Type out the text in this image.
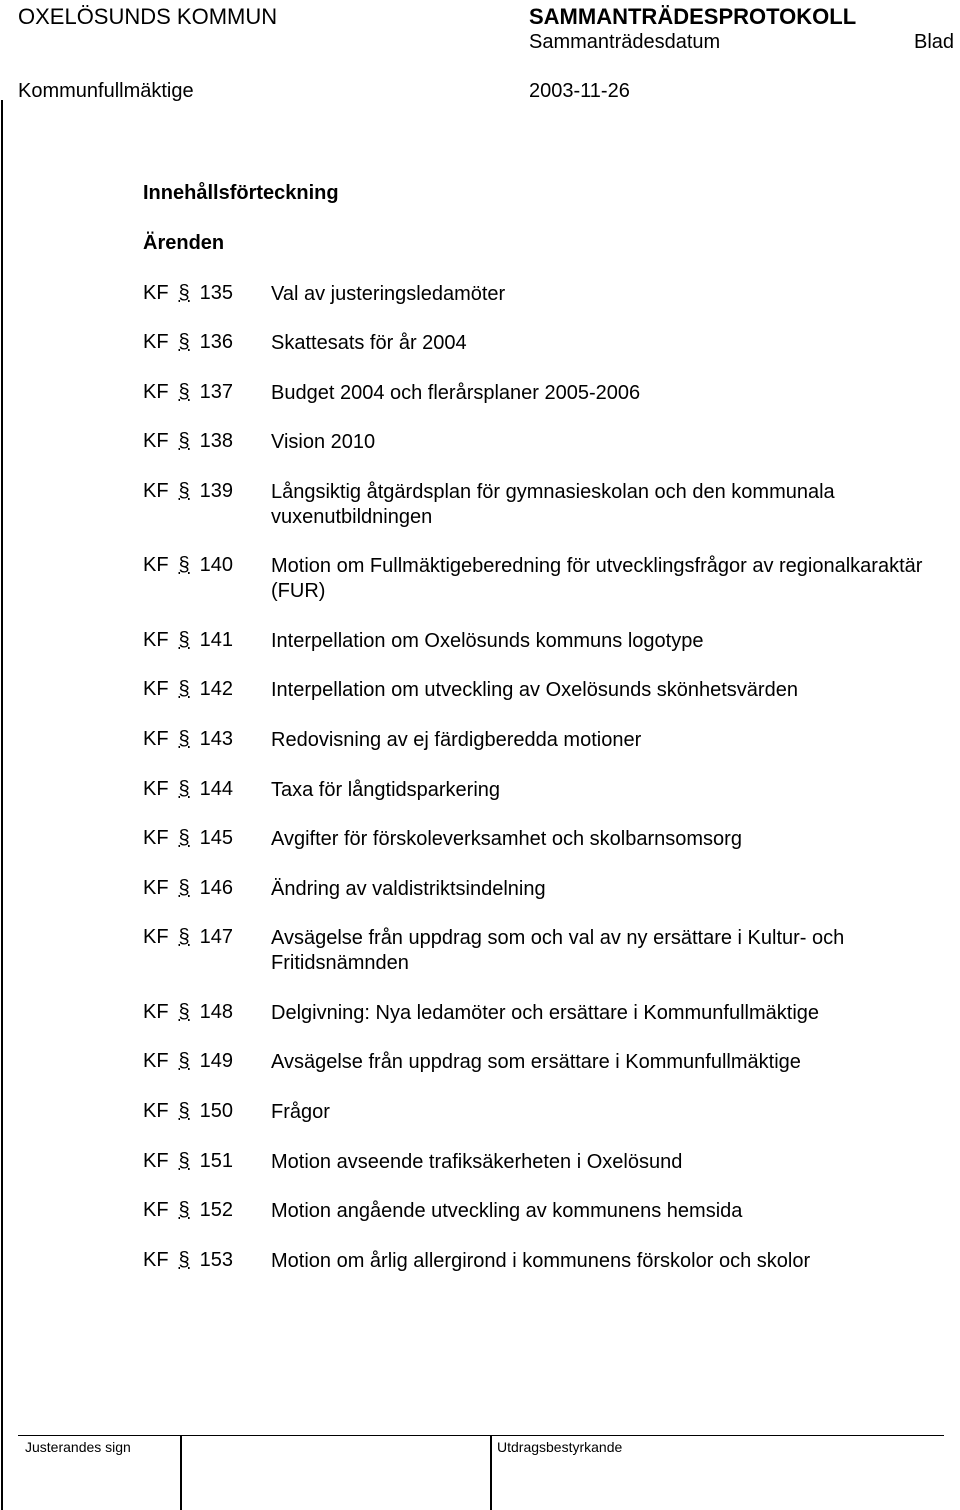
OXELÖSUNDS KOMMUN	SAMMANTRÄDESPROTOKOLL
Sammanträdesdatum	Blad
Kommunfullmäktige	2003-11-26
Innehållsförteckning
Ärenden
KF § 135 Val av justeringsledamöter
KF § 136 Skattesats för år 2004
KF § 137 Budget 2004 och flerårsplaner 2005-2006
KF § 138 Vision 2010
KF § 139 Långsiktig åtgärdsplan för gymnasieskolan och den kommunala vuxenutbildningen
KF § 140 Motion om Fullmäktigeberedning för utvecklingsfrågor av regionalkaraktär (FUR)
KF § 141 Interpellation om Oxelösunds kommuns logotype
KF § 142 Interpellation om utveckling av Oxelösunds skönhetsvärden
KF § 143 Redovisning av ej färdigberedda motioner
KF § 144 Taxa för långtidsparkering
KF § 145 Avgifter för förskoleverksamhet och skolbarnsomsorg
KF § 146 Ändring av valdistriktsindelning
KF § 147 Avsägelse från uppdrag som och val av ny ersättare i Kultur- och Fritidsnämnden
KF § 148 Delgivning: Nya ledamöter och ersättare i Kommunfullmäktige
KF § 149 Avsägelse från uppdrag som ersättare i Kommunfullmäktige
KF § 150 Frågor
KF § 151 Motion avseende trafiksäkerheten i Oxelösund
KF § 152 Motion angående utveckling av kommunens hemsida
KF § 153 Motion om årlig allergirond i kommunens förskolor och skolor
Justerandes sign	Utdragsbestyrkande
